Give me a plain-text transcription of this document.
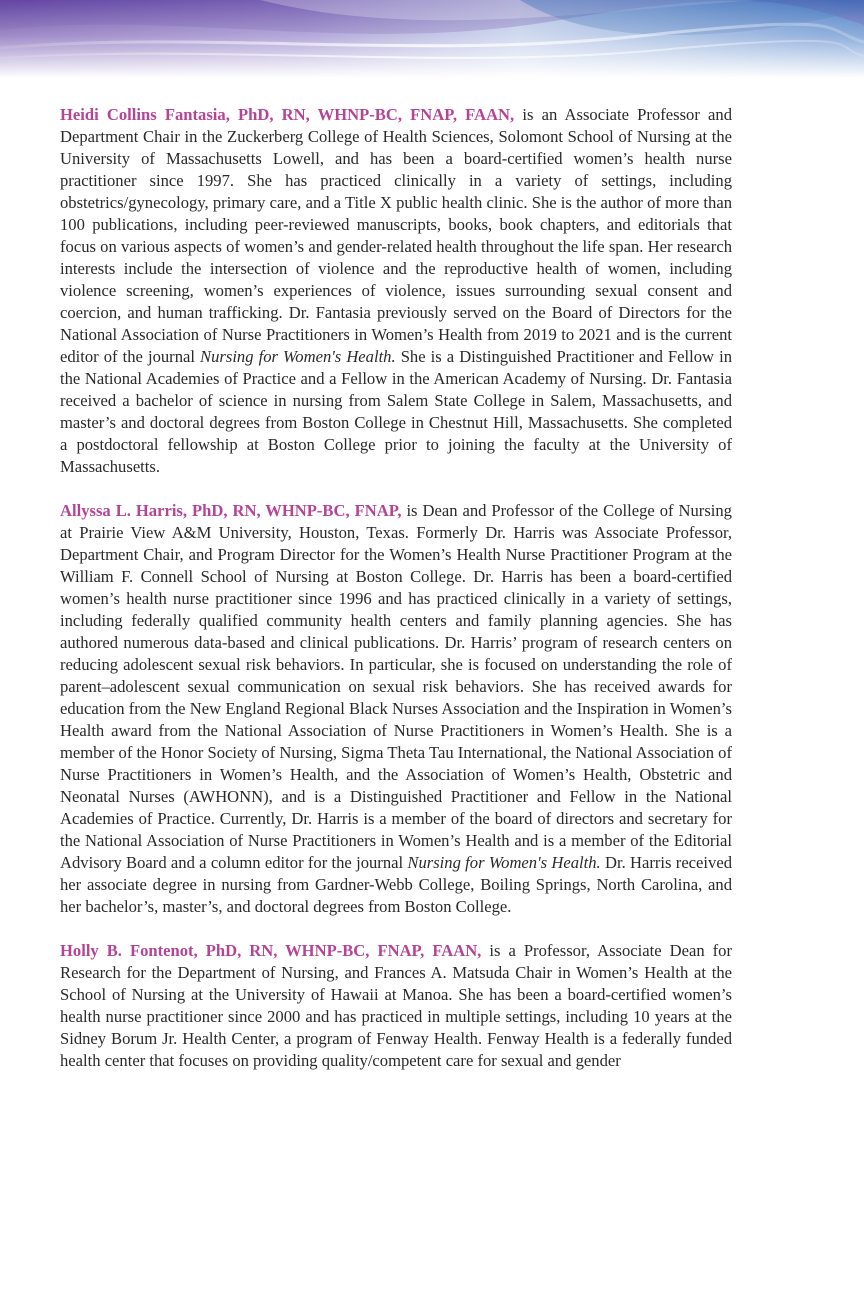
Heidi Collins Fantasia, PhD, RN, WHNP-BC, FNAP, FAAN, is an Associate Professor and Department Chair in the Zuckerberg College of Health Sciences, Solomont School of Nursing at the University of Massachusetts Lowell, and has been a board-certified women’s health nurse practitioner since 1997. She has practiced clinically in a variety of settings, including obstetrics/gynecology, primary care, and a Title X public health clinic. She is the author of more than 100 publications, including peer-reviewed manuscripts, books, book chapters, and editorials that focus on various aspects of women’s and gender-related health throughout the life span. Her research interests include the intersection of violence and the reproductive health of women, including violence screening, women’s experiences of violence, issues surrounding sexual consent and coercion, and human trafficking. Dr. Fantasia previously served on the Board of Directors for the National Association of Nurse Practitioners in Women’s Health from 2019 to 2021 and is the current editor of the journal Nursing for Women's Health. She is a Distinguished Practitioner and Fellow in the National Academies of Practice and a Fellow in the American Academy of Nursing. Dr. Fantasia received a bachelor of science in nursing from Salem State College in Salem, Massachusetts, and master’s and doctoral degrees from Boston College in Chestnut Hill, Massachusetts. She completed a postdoctoral fellowship at Boston College prior to joining the faculty at the University of Massachusetts.

Allyssa L. Harris, PhD, RN, WHNP-BC, FNAP, is Dean and Professor of the College of Nursing at Prairie View A&M University, Houston, Texas. Formerly Dr. Harris was Associate Professor, Department Chair, and Program Director for the Women’s Health Nurse Practitioner Program at the William F. Connell School of Nursing at Boston College. Dr. Harris has been a board-certified women’s health nurse practitioner since 1996 and has practiced clinically in a variety of settings, including federally qualified community health centers and family planning agencies. She has authored numerous data-based and clinical publications. Dr. Harris’ program of research centers on reducing adolescent sexual risk behaviors. In particular, she is focused on understanding the role of parent–adolescent sexual communication on sexual risk behaviors. She has received awards for education from the New England Regional Black Nurses Association and the Inspiration in Women’s Health award from the National Association of Nurse Practitioners in Women’s Health. She is a member of the Honor Society of Nursing, Sigma Theta Tau International, the National Association of Nurse Practitioners in Women’s Health, and the Association of Women’s Health, Obstetric and Neonatal Nurses (AWHONN), and is a Distinguished Practitioner and Fellow in the National Academies of Practice. Currently, Dr. Harris is a member of the board of directors and secretary for the National Association of Nurse Practitioners in Women’s Health and is a member of the Editorial Advisory Board and a column editor for the journal Nursing for Women's Health. Dr. Harris received her associate degree in nursing from Gardner-Webb College, Boiling Springs, North Carolina, and her bachelor’s, master’s, and doctoral degrees from Boston College.

Holly B. Fontenot, PhD, RN, WHNP-BC, FNAP, FAAN, is a Professor, Associate Dean for Research for the Department of Nursing, and Frances A. Matsuda Chair in Women’s Health at the School of Nursing at the University of Hawaii at Manoa. She has been a board-certified women’s health nurse practitioner since 2000 and has practiced in multiple settings, including 10 years at the Sidney Borum Jr. Health Center, a program of Fenway Health. Fenway Health is a federally funded health center that focuses on providing quality/competent care for sexual and gender
